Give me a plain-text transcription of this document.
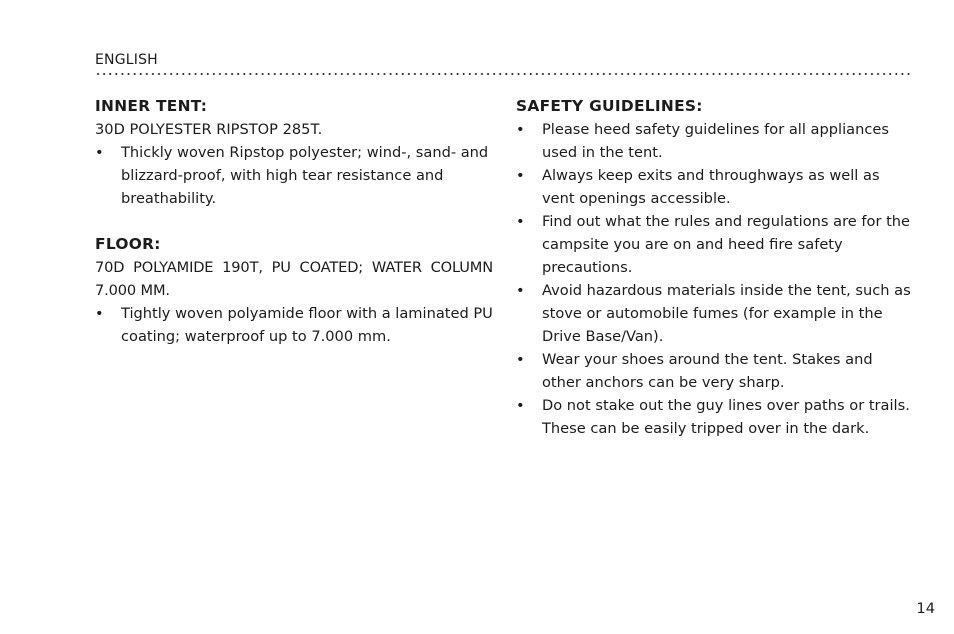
ENGLISH
INNER TENT:

30D POLYESTER RIPSTOP 285T.

• Thickly woven Ripstop polyester; wind-, sand- and blizzard-proof, with high tear resistance and breathability.
FLOOR:

70D POLYAMIDE 190T, PU COATED; WATER COLUMN 7.000 MM.

• Tightly woven polyamide floor with a laminated PU coating; waterproof up to 7.000 mm.
SAFETY GUIDELINES:
• Please heed safety guidelines for all appliances used in the tent.
• Always keep exits and throughways as well as vent openings accessible.
• Find out what the rules and regulations are for the campsite you are on and heed fire safety precautions.
• Avoid hazardous materials inside the tent, such as stove or automobile fumes (for example in the Drive Base/Van).
• Wear your shoes around the tent. Stakes and other anchors can be very sharp.
• Do not stake out the guy lines over paths or trails. These can be easily tripped over in the dark.
14
